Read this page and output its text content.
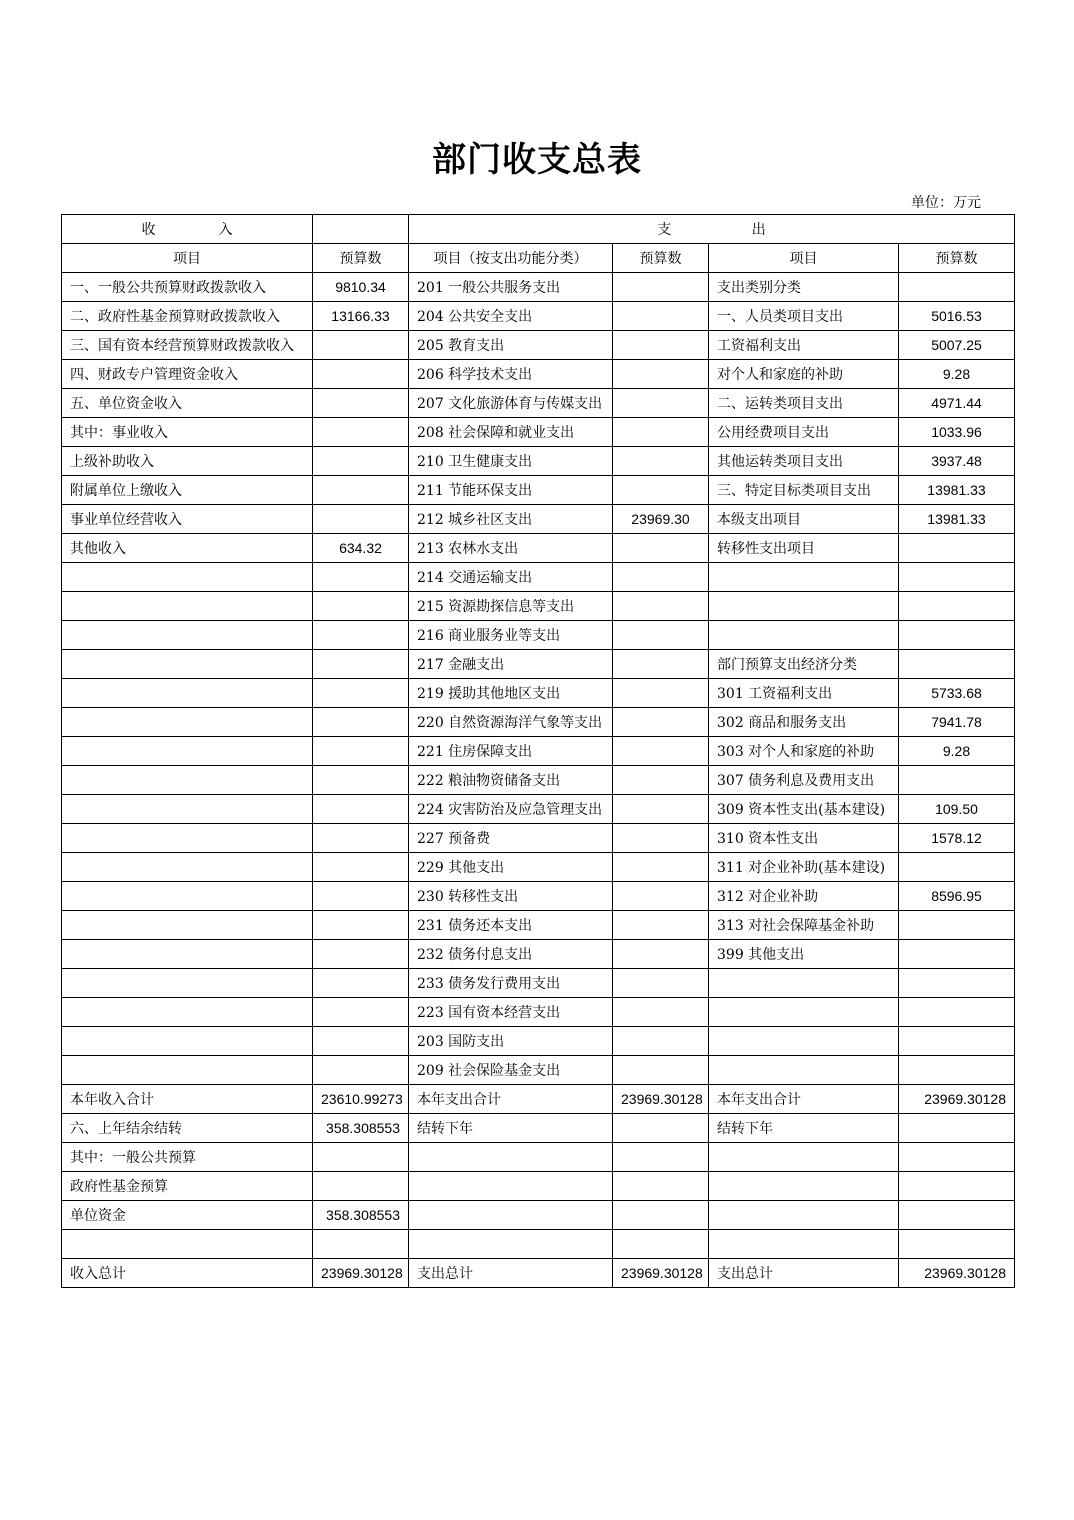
部门收支总表
单位：万元
收 入		支 出			

项目	预算数	项目（按支出功能分类）	预算数	项目	预算数
一、一般公共预算财政拨款收入	9810.34	201 一般公共服务支出		支出类别分类	
二、政府性基金预算财政拨款收入	13166.33	204 公共安全支出		一、人员类项目支出	5016.53
三、国有资本经营预算财政拨款收入		205 教育支出		工资福利支出	5007.25
四、财政专户管理资金收入		206 科学技术支出		对个人和家庭的补助	9.28
五、单位资金收入		207 文化旅游体育与传媒支出		二、运转类项目支出	4971.44
其中：事业收入		208 社会保障和就业支出		公用经费项目支出	1033.96
上级补助收入		210 卫生健康支出		其他运转类项目支出	3937.48
附属单位上缴收入		211 节能环保支出		三、特定目标类项目支出	13981.33
事业单位经营收入		212 城乡社区支出	23969.30	本级支出项目	13981.33
其他收入	634.32	213 农林水支出		转移性支出项目	
		214 交通运输支出			
		215 资源勘探信息等支出			
		216 商业服务业等支出			
		217 金融支出		部门预算支出经济分类	
		219 援助其他地区支出		301 工资福利支出	5733.68
		220 自然资源海洋气象等支出		302 商品和服务支出	7941.78
		221 住房保障支出		303 对个人和家庭的补助	9.28
		222 粮油物资储备支出		307 债务利息及费用支出	
		224 灾害防治及应急管理支出		309 资本性支出(基本建设)	109.50
		227 预备费		310 资本性支出	1578.12
		229 其他支出		311 对企业补助(基本建设)	
		230 转移性支出		312 对企业补助	8596.95
		231 债务还本支出		313 对社会保障基金补助	
		232 债务付息支出		399 其他支出	
		233 债务发行费用支出			
		223 国有资本经营支出			
		203 国防支出			
		209 社会保险基金支出			
本年收入合计	23610.99273	本年支出合计	23969.30128	本年支出合计	23969.30128
六、上年结余结转	358.308553	结转下年		结转下年	
其中：一般公共预算					
政府性基金预算					
单位资金	358.308553				

收入总计	23969.30128	支出总计	23969.30128	支出总计	23969.30128
